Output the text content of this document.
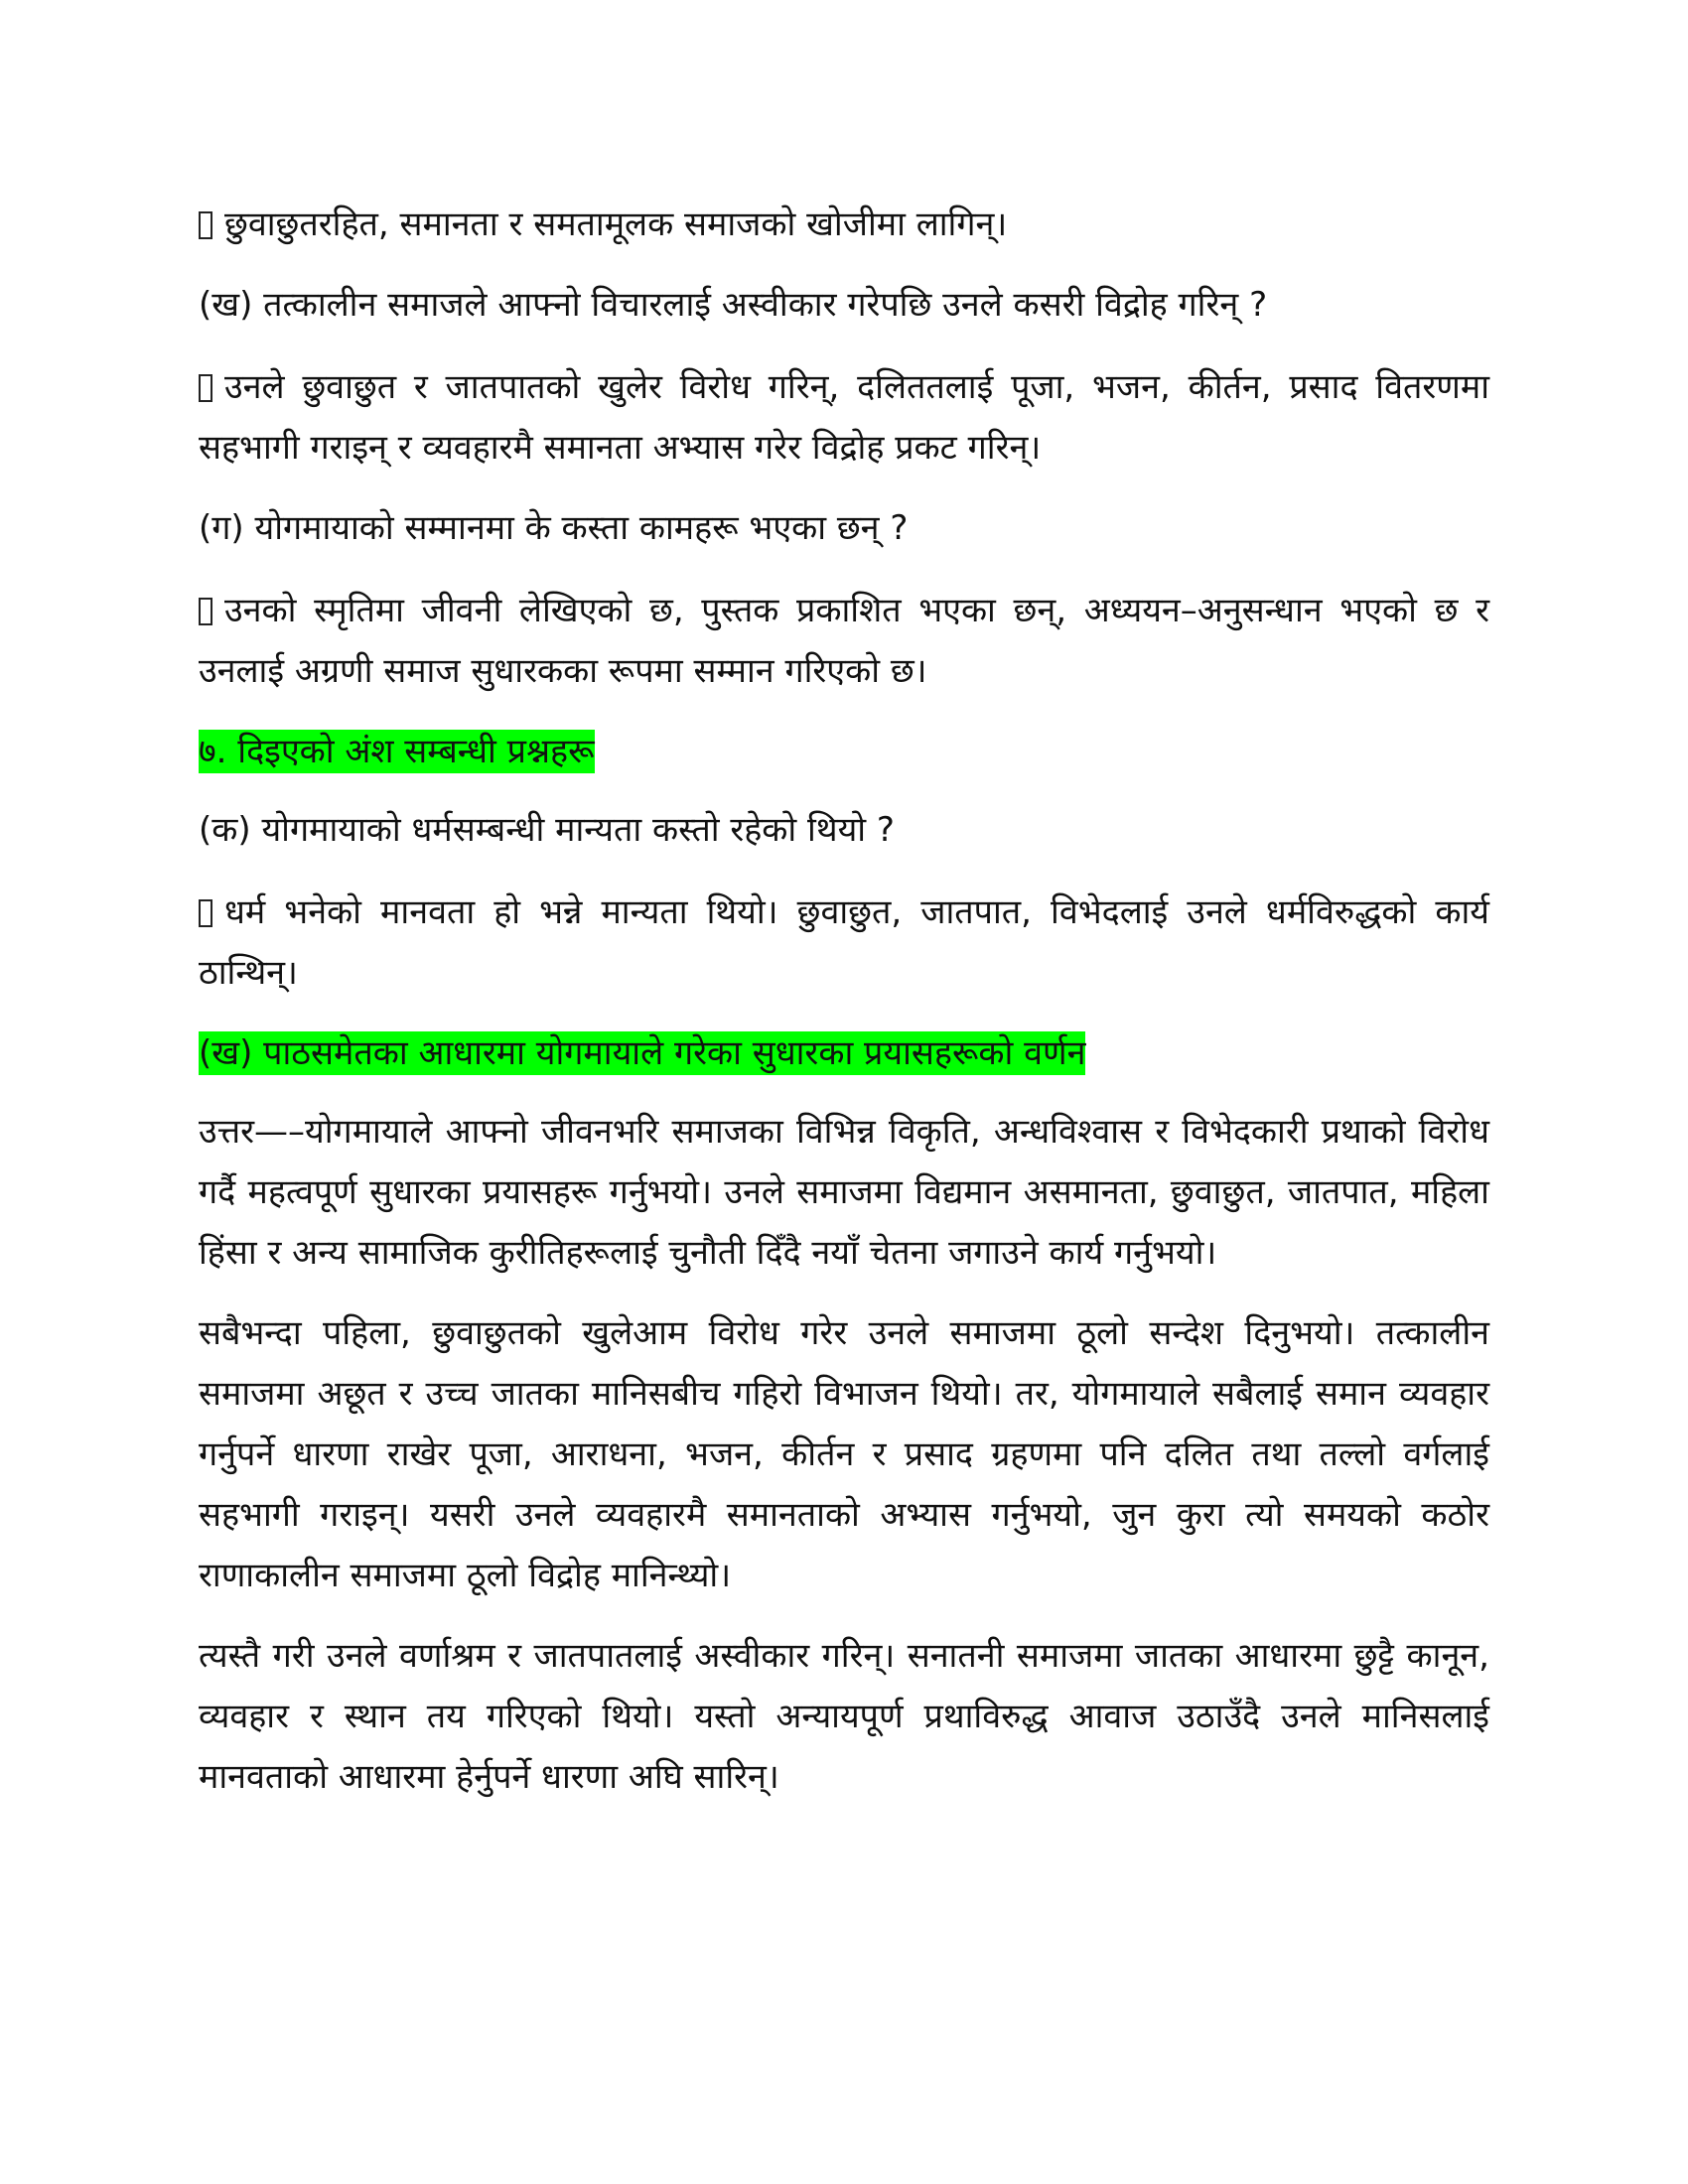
छुवाछुतरहित, समानता र समतामूलक समाजको खोजीमा लागिन्।

(ख) तत्कालीन समाजले आफ्नो विचारलाई अस्वीकार गरेपछि उनले कसरी विद्रोह गरिन् ?

उनले छुवाछुत र जातपातको खुलेर विरोध गरिन्, दलिततलाई पूजा, भजन, कीर्तन, प्रसाद वितरणमा सहभागी गराइन् र व्यवहारमै समानता अभ्यास गरेर विद्रोह प्रकट गरिन्।

(ग) योगमायाको सम्मानमा के कस्ता कामहरू भएका छन् ?

उनको स्मृतिमा जीवनी लेखिएको छ, पुस्तक प्रकाशित भएका छन्, अध्ययन–अनुसन्धान भएको छ र उनलाई अग्रणी समाज सुधारकका रूपमा सम्मान गरिएको छ।

७. दिइएको अंश सम्बन्धी प्रश्नहरू

(क) योगमायाको धर्मसम्बन्धी मान्यता कस्तो रहेको थियो ?

धर्म भनेको मानवता हो भन्ने मान्यता थियो। छुवाछुत, जातपात, विभेदलाई उनले धर्मविरुद्धको कार्य ठान्थिन्।

(ख) पाठसमेतका आधारमा योगमायाले गरेका सुधारका प्रयासहरूको वर्णन

उत्तर—–योगमायाले आफ्नो जीवनभरि समाजका विभिन्न विकृति, अन्धविश्वास र विभेदकारी प्रथाको विरोध गर्दै महत्वपूर्ण सुधारका प्रयासहरू गर्नुभयो। उनले समाजमा विद्यमान असमानता, छुवाछुत, जातपात, महिला हिंसा र अन्य सामाजिक कुरीतिहरूलाई चुनौती दिँदै नयाँ चेतना जगाउने कार्य गर्नुभयो।

सबैभन्दा पहिला, छुवाछुतको खुलेआम विरोध गरेर उनले समाजमा ठूलो सन्देश दिनुभयो। तत्कालीन समाजमा अछूत र उच्च जातका मानिसबीच गहिरो विभाजन थियो। तर, योगमायाले सबैलाई समान व्यवहार गर्नुपर्ने धारणा राखेर पूजा, आराधना, भजन, कीर्तन र प्रसाद ग्रहणमा पनि दलित तथा तल्लो वर्गलाई सहभागी गराइन्। यसरी उनले व्यवहारमै समानताको अभ्यास गर्नुभयो, जुन कुरा त्यो समयको कठोर राणाकालीन समाजमा ठूलो विद्रोह मानिन्थ्यो।

त्यस्तै गरी उनले वर्णाश्रम र जातपातलाई अस्वीकार गरिन्। सनातनी समाजमा जातका आधारमा छुट्टै कानून, व्यवहार र स्थान तय गरिएको थियो। यस्तो अन्यायपूर्ण प्रथाविरुद्ध आवाज उठाउँदै उनले मानिसलाई मानवताको आधारमा हेर्नुपर्ने धारणा अघि सारिन्।
